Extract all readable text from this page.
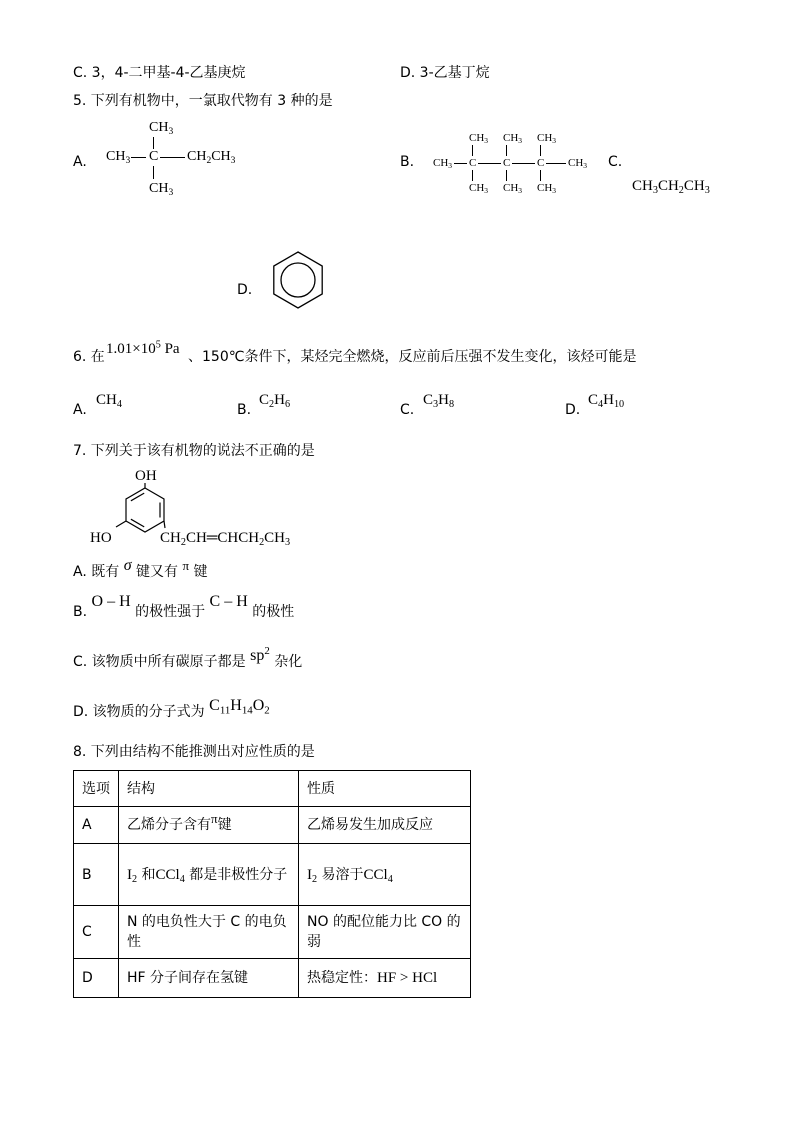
C. 3，4-二甲基-4-乙基庚烷	D. 3-乙基丁烷
5. 下列有机物中，一氯取代物有 3 种的是
A.
$CH_3$
$CH_3$ C $CH_2CH_3$
$CH_3$
B.
$CH_3$ $CH_3$ $CH_3$
$CH_3$ C C C $CH_3$
$CH_3$ $CH_3$ $CH_3$
C.
$CH_3CH_2CH_3$
D.
6. 在 $1.01\times 10^5$ Pa 、150℃条件下，某烃完全燃烧，反应前后压强不发生变化，该烃可能是
A.
$CH_4$	B.
$C_2H_6$	C.
$C_3H_8$	D.
$C_4H_{10}$
7. 下列关于该有机物的说法不正确的是
OH
HO	$CH_2CH═CHCH_2CH_3$
A. 既有 σ 键又有 π 键
B. O – H 的极性强于 C – H 的极性
C. 该物质中所有碳原子都是 $sp^2$ 杂化
D. 该物质的分子式为 $C_{11}H_{14}O_2$
8. 下列由结构不能推测出对应性质的是
选项	结构	性质
A	乙烯分子含有π键	乙烯易发生加成反应
B	$I_2$ 和CCl$_4$ 都是非极性分子	$I_2$ 易溶于CCl$_4$
C	N 的电负性大于 C 的电负性	NO 的配位能力比 CO 的弱
D	HF 分子间存在氢键	热稳定性：HF > HCl
